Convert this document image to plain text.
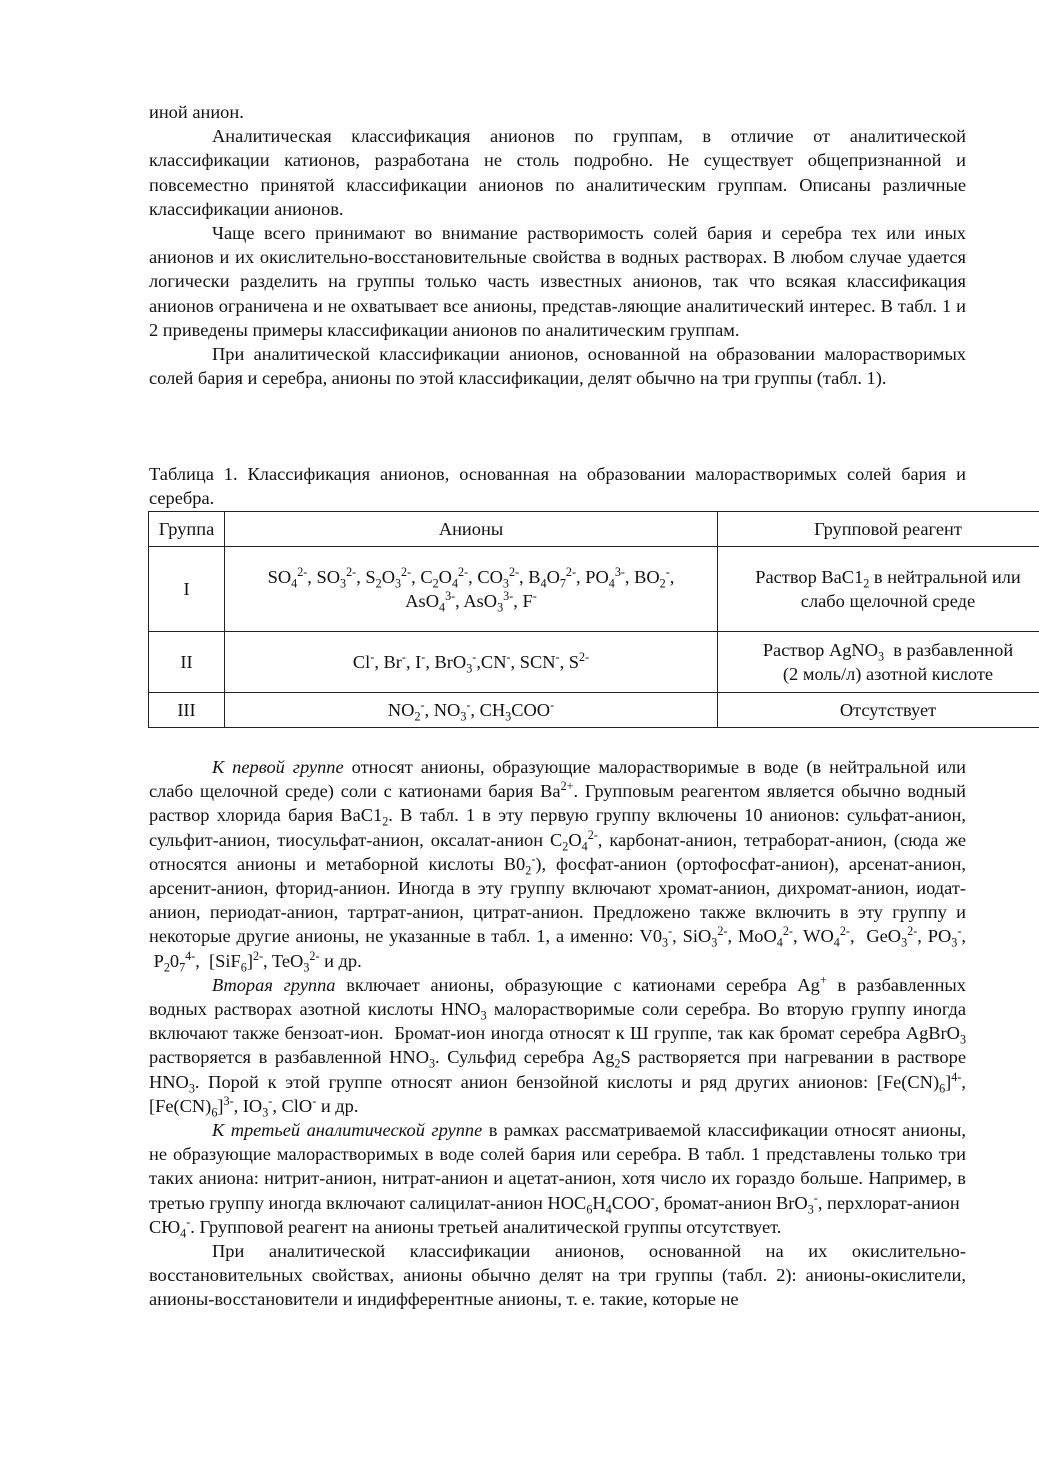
иной анион.

Аналитическая классификация анионов по группам, в отличие от аналитической классификации катионов, разработана не столь подробно. Не существует общепризнанной и повсеместно принятой классификации анионов по аналитическим группам. Описаны различные классификации анионов.

Чаще всего принимают во внимание растворимость солей бария и серебра тех или иных анионов и их окислительно-восстановительные свойства в водных растворах. В любом случае удается логически разделить на группы только часть известных анионов, так что всякая классификация анионов ограничена и не охватывает все анионы, представ-ляющие аналитический интерес. В табл. 1 и 2 приведены примеры классификации анионов по аналитическим группам.

При аналитической классификации анионов, основанной на образовании малорастворимых солей бария и серебра, анионы по этой классификации, делят обычно на три группы (табл. 1).

Таблица 1. Классификация анионов, основанная на образовании малорастворимых солей бария и серебра.
Группа	Анионы	Групповой реагент
I	$SO_4^{2-}$, $SO_3^{2-}$, $S_2O_3^{2-}$, $C_2O_4^{2-}$, $CO_3^{2-}$, $B_4O_7^{2-}$, $PO_4^{3-}$, $BO_2^-$,
AsO$_4^{3-}$, AsO$_3^{3-}$, F-	Раствор $BaC1_2$ в нейтральной или
слабо щелочной среде
II	Cl-, Br-, I-, BrO$_3$-,CN-, SCN-, $S^{2-}$	Раствор AgNO$_3$  в разбавленной
(2 моль/л) азотной кислоте
III	$NO_2^-$, $NO_3^-$, $CH_3COO^-$	Отсутствует

К первой группе относят анионы, образующие малорастворимые в воде (в нейтральной или слабо щелочной среде) соли с катионами бария $Ba^{2+}$. Групповым реагентом является обычно водный раствор хлорида бария $BaC1_2$. В табл. 1 в эту первую группу включены 10 анионов: сульфат-анион, сульфит-анион, тиосульфат-анион, оксалат-анион $C_2O_4^{2-}$, карбонат-анион, тетраборат-анион, (сюда же относятся анионы и метаборной кислоты $B0_2^-$), фосфат-анион (ортофосфат-анион), арсенат-анион, арсенит-анион, фторид-анион. Иногда в эту группу включают хромат-анион, дихромат-анион, иодат-анион, периодат-анион, тартрат-анион, цитрат-анион. Предложено также включить в эту группу и некоторые другие анионы, не указанные в табл. 1, а именно: $V0_3^-$, SiO$_3^{2-}$, MoO$_4^{2-}$, $WO_4^{2-}$,  GeO$_3^{2-}$, $PO_3^-$,  $P_20_7^{4-}$,  $[SiF_6]^{2-}$, TeO$_3^{2-}$ и др.

Вторая группа включает анионы, образующие с катионами серебра Ag+ в разбавленных водных растворах азотной кислоты $HNO_3$ малорастворимые соли серебра. Во вторую группу иногда включают также бензоат-ион.  Бромат-ион иногда относят к Ш группе, так как бромат серебра AgBrO$_3$ растворяется в разбавленной $HNO_3$. Сульфид серебра $Ag_2S$ растворяется при нагревании в растворе $HNO_3$. Порой к этой группе относят анион бензойной кислоты и ряд других анионов: $[Fe(CN)_6]^{4-}$, $[Fe(CN)_6]^{3-}$, $IO_3^-$, ClO- и др.

К третьей аналитической группе в рамках рассматриваемой классификации относят анионы, не образующие малорастворимых в воде солей бария или серебра. В табл. 1 представлены только три таких аниона: нитрит-анион, нитрат-анион и ацетат-анион, хотя число их гораздо больше. Например, в третью группу иногда включают салицилат-анион $HOC_6H_4COO^-$, бромат-анион BrO$_3$-, перхлорат-анион

$СЮ_4^-$. Групповой реагент на анионы третьей аналитической группы отсутствует.

При аналитической классификации анионов, основанной на их окислительно-восстановительных свойствах, анионы обычно делят на три группы (табл. 2): анионы-окислители, анионы-восстановители и индифферентные анионы, т. е. такие, которые не
